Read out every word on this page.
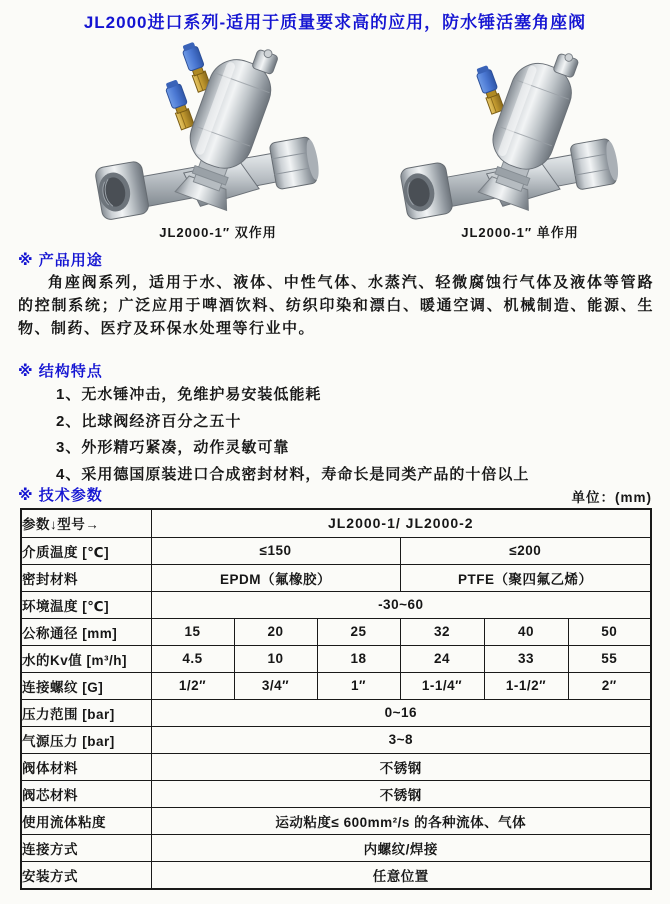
JL2000进口系列-适用于质量要求高的应用，防水锤活塞角座阀
JL2000-1″ 双作用	JL2000-1″ 单作用
※ 产品用途
角座阀系列，适用于水、液体、中性气体、水蒸汽、轻微腐蚀行气体及液体等管路的控制系统；广泛应用于啤酒饮料、纺织印染和漂白、暖通空调、机械制造、能源、生物、制药、医疗及环保水处理等行业中。
※ 结构特点
1、无水锤冲击，免维护易安装低能耗
2、比球阀经济百分之五十
3、外形精巧紧凑，动作灵敏可靠
4、采用德国原装进口合成密封材料，寿命长是同类产品的十倍以上
※ 技术参数	单位：(mm)
参数↓型号→	JL2000-1/ JL2000-2					
介质温度 [℃]	≤150			≤200		
密封材料	EPDM（氟橡胶）			PTFE（聚四氟乙烯）		
环境温度 [℃]	-30~60					
公称通径 [mm]	15	20	25	32	40	50
水的Kv值 [m³/h]	4.5	10	18	24	33	55
连接螺纹 [G]	1/2″	3/4″	1″	1-1/4″	1-1/2″	2″
压力范围 [bar]	0~16					
气源压力 [bar]	3~8					
阀体材料	不锈钢					
阀芯材料	不锈钢					
使用流体粘度	运动粘度≤ 600mm²/s 的各种流体、气体					
连接方式	内螺纹/焊接					
安装方式	任意位置					
